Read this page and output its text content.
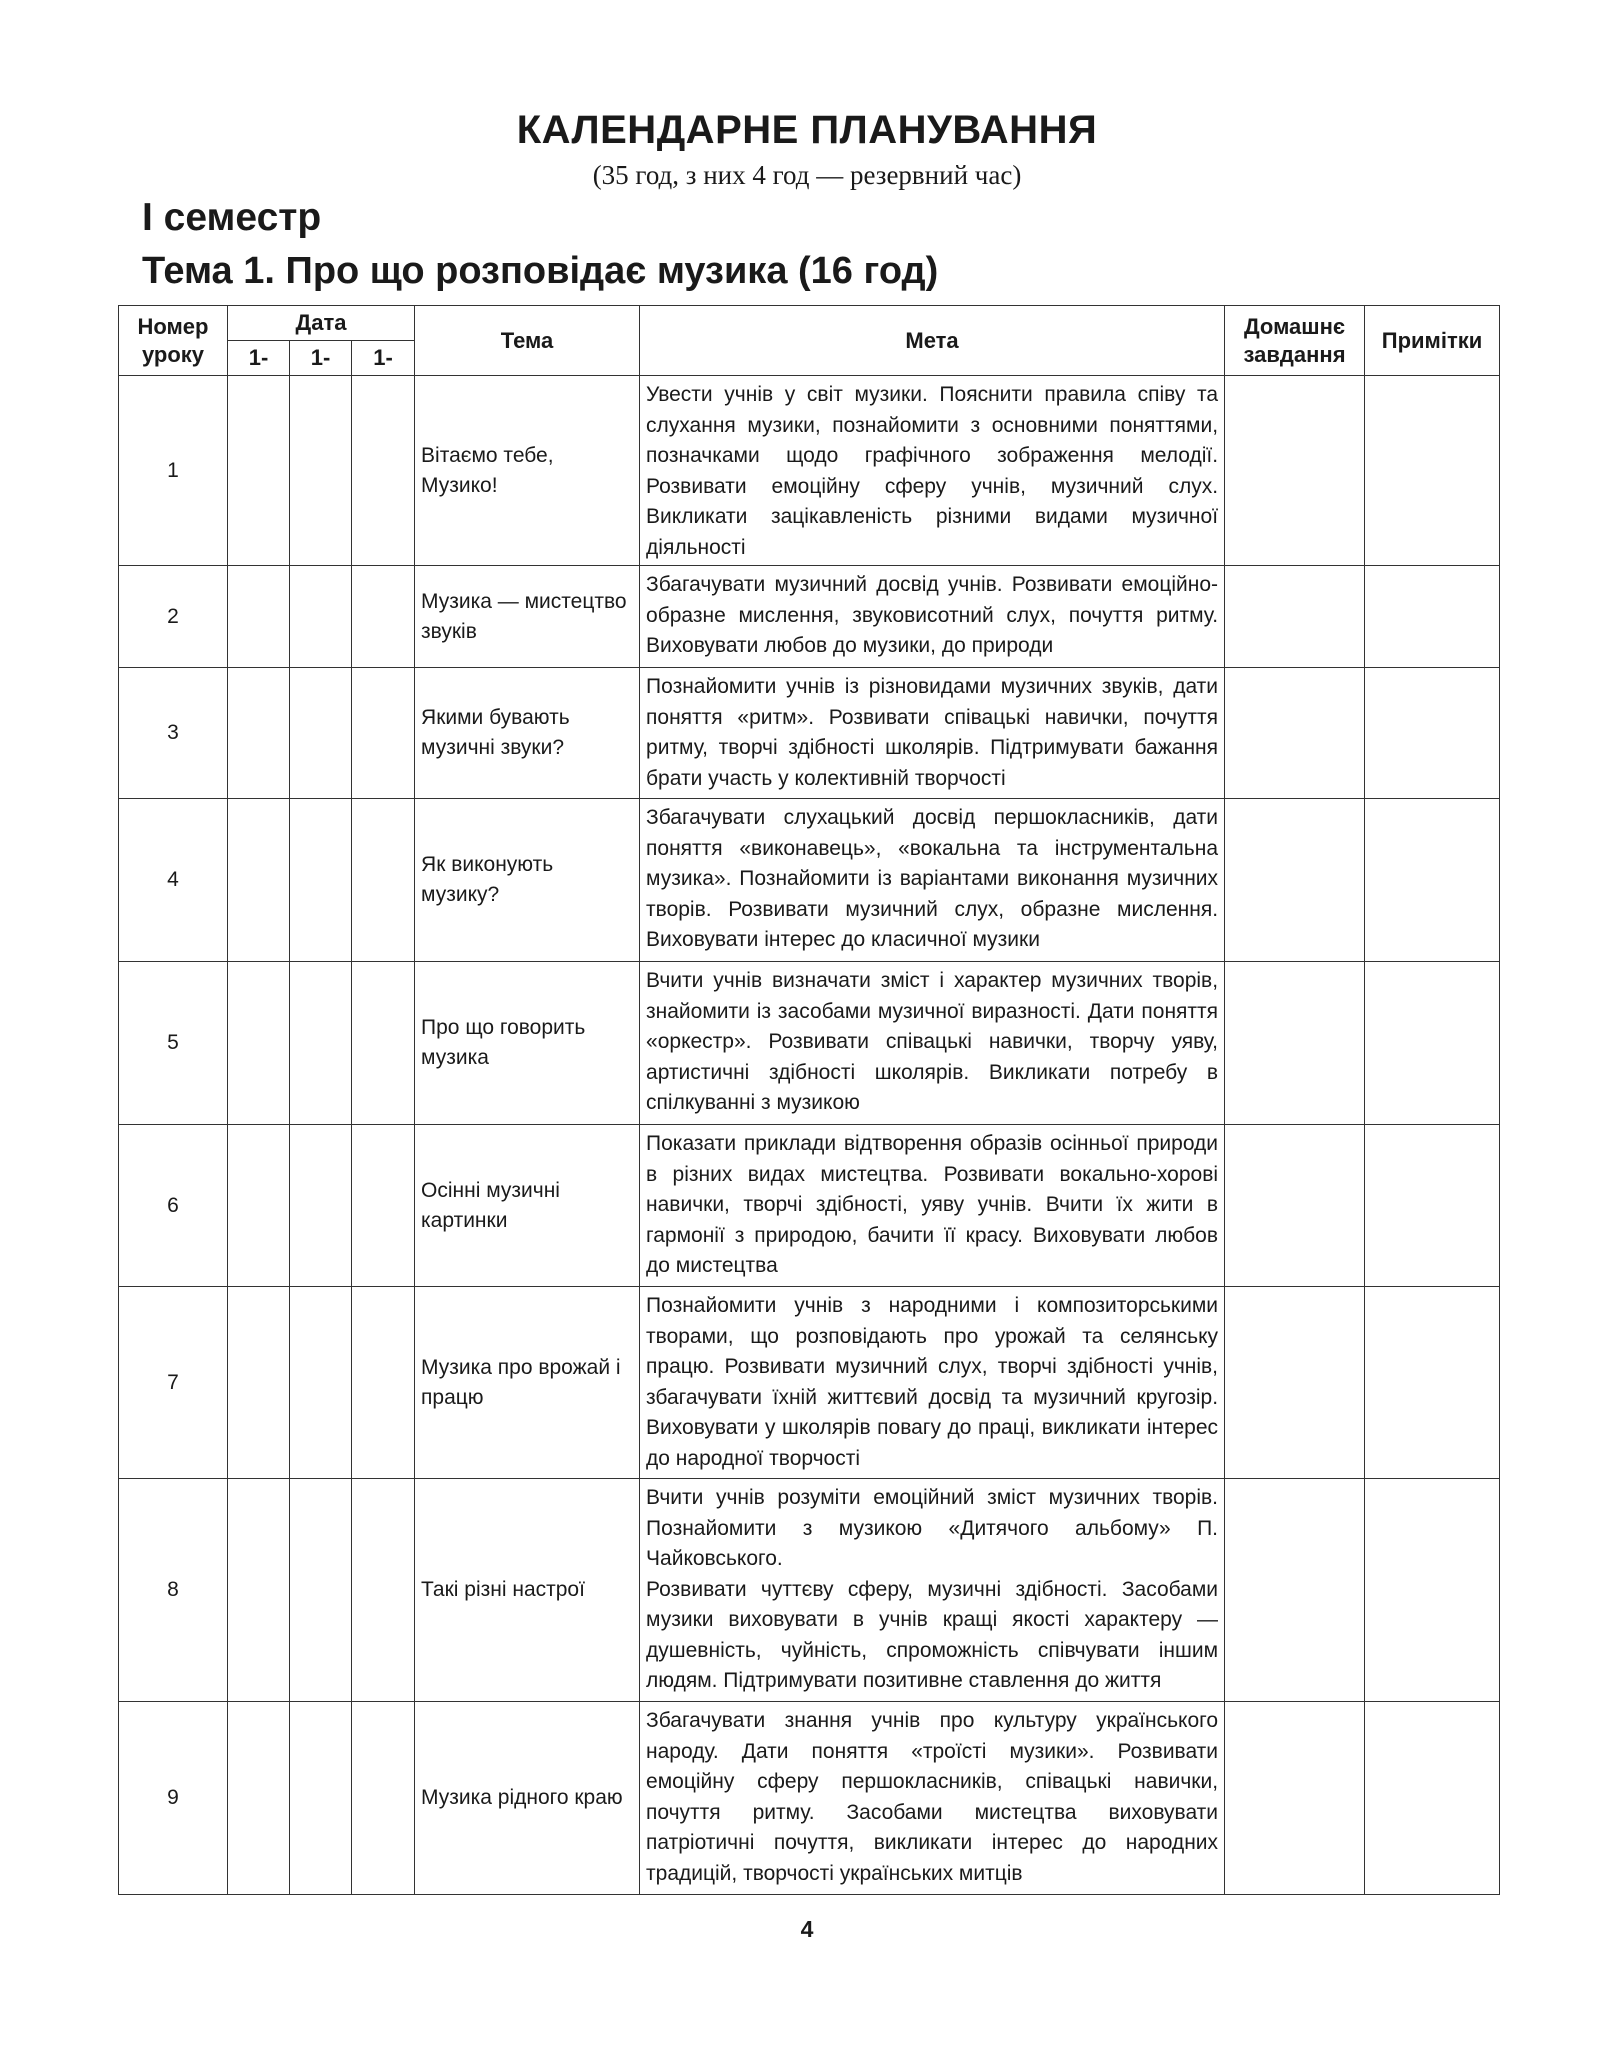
КАЛЕНДАРНЕ ПЛАНУВАННЯ
(35 год, з них 4 год — резервний час)
І семестр
Тема 1. Про що розповідає музика (16 год)
Номер уроку	Дата			Тема	Мета	Домашнє завдання	Примітки
	1-	1-	1-				
1				Вітаємо тебе, Музико!	Увести учнів у світ музики. Пояснити правила співу та слухання музики, познайомити з основними поняттями, позначками щодо графічного зображення мелодії. Розвивати емоційну сферу учнів, музичний слух. Викликати зацікавленість різними видами музичної діяльності		
2				Музика — мистецтво звуків	Збагачувати музичний досвід учнів. Розвивати емоційно-образне мислення, звуковисотний слух, почуття ритму. Виховувати любов до музики, до природи		
3				Якими бувають музичні звуки?	Познайомити учнів із різновидами музичних звуків, дати поняття «ритм». Розвивати співацькі навички, почуття ритму, творчі здібності школярів. Підтримувати бажання брати участь у колективній творчості		
4				Як виконують музику?	Збагачувати слухацький досвід першокласників, дати поняття «виконавець», «вокальна та інструментальна музика». Познайомити із варіантами виконання музичних творів. Розвивати музичний слух, образне мислення. Виховувати інтерес до класичної музики		
5				Про що говорить музика	Вчити учнів визначати зміст і характер музичних творів, знайомити із засобами музичної виразності. Дати поняття «оркестр». Розвивати співацькі навички, творчу уяву, артистичні здібності школярів. Викликати потребу в спілкуванні з музикою		
6				Осінні музичні картинки	Показати приклади відтворення образів осінньої природи в різних видах мистецтва. Розвивати вокально-хорові навички, творчі здібності, уяву учнів. Вчити їх жити в гармонії з природою, бачити її красу. Виховувати любов до мистецтва		
7				Музика про врожай і працю	Познайомити учнів з народними і композиторськими творами, що розповідають про урожай та селянську працю. Розвивати музичний слух, творчі здібності учнів, збагачувати їхній життєвий досвід та музичний кругозір. Виховувати у школярів повагу до праці, викликати інтерес до народної творчості		
8				Такі різні настрої	Вчити учнів розуміти емоційний зміст музичних творів. Познайомити з музикою «Дитячого альбому» П. Чайковського.
Розвивати чуттєву сферу, музичні здібності. Засобами музики виховувати в учнів кращі якості характеру — душевність, чуйність, спроможність співчувати іншим людям. Підтримувати позитивне ставлення до життя		
9				Музика рідного краю	Збагачувати знання учнів про культуру українського народу. Дати поняття «троїсті музики». Розвивати емоційну сферу першокласників, співацькі навички, почуття ритму. Засобами мистецтва виховувати патріотичні почуття, викликати інтерес до народних традицій, творчості українських митців		
4
